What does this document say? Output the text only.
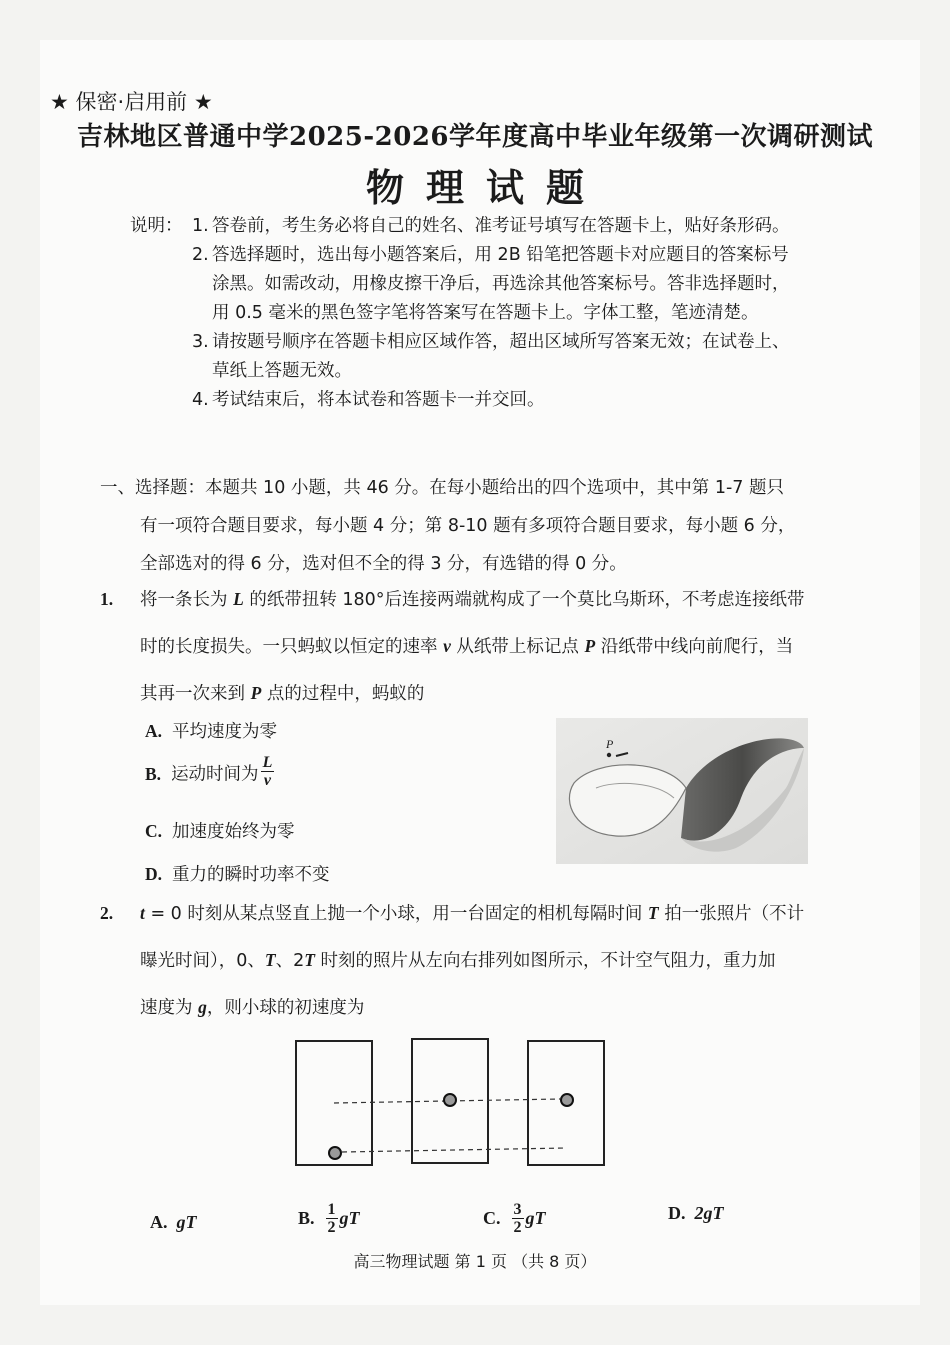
★ 保密·启用前 ★
吉林地区普通中学2025-2026学年度高中毕业年级第一次调研测试
物理试题
说明： 1. 答卷前，考生务必将自己的姓名、准考证号填写在答题卡上，贴好条形码。
2. 答选择题时，选出每小题答案后，用 2B 铅笔把答题卡对应题目的答案标号
涂黑。如需改动，用橡皮擦干净后，再选涂其他答案标号。答非选择题时，
用 0.5 毫米的黑色签字笔将答案写在答题卡上。字体工整，笔迹清楚。
3. 请按题号顺序在答题卡相应区域作答，超出区域所写答案无效；在试卷上、
草纸上答题无效。
4. 考试结束后，将本试卷和答题卡一并交回。
一、选择题：本题共 10 小题，共 46 分。在每小题给出的四个选项中，其中第 1-7 题只
有一项符合题目要求，每小题 4 分；第 8-10 题有多项符合题目要求，每小题 6 分，
全部选对的得 6 分，选对但不全的得 3 分，有选错的得 0 分。
1. 将一条长为 L 的纸带扭转 180°后连接两端就构成了一个莫比乌斯环，不考虑连接纸带
时的长度损失。一只蚂蚁以恒定的速率 v 从纸带上标记点 P 沿纸带中线向前爬行，当
其再一次来到 P 点的过程中，蚂蚁的
A. 平均速度为零
B. 运动时间为 $\frac{L}{v}$
C. 加速度始终为零
D. 重力的瞬时功率不变
P
2. t = 0 时刻从某点竖直上抛一个小球，用一台固定的相机每隔时间 T 拍一张照片（不计
曝光时间），0、T、2T 时刻的照片从左向右排列如图所示，不计空气阻力，重力加
速度为 g，则小球的初速度为
A. gT	B. $\frac{1}{2}$ gT	C. $\frac{3}{2}$ gT	D. 2gT
高三物理试题 第 1 页 （共 8 页）
